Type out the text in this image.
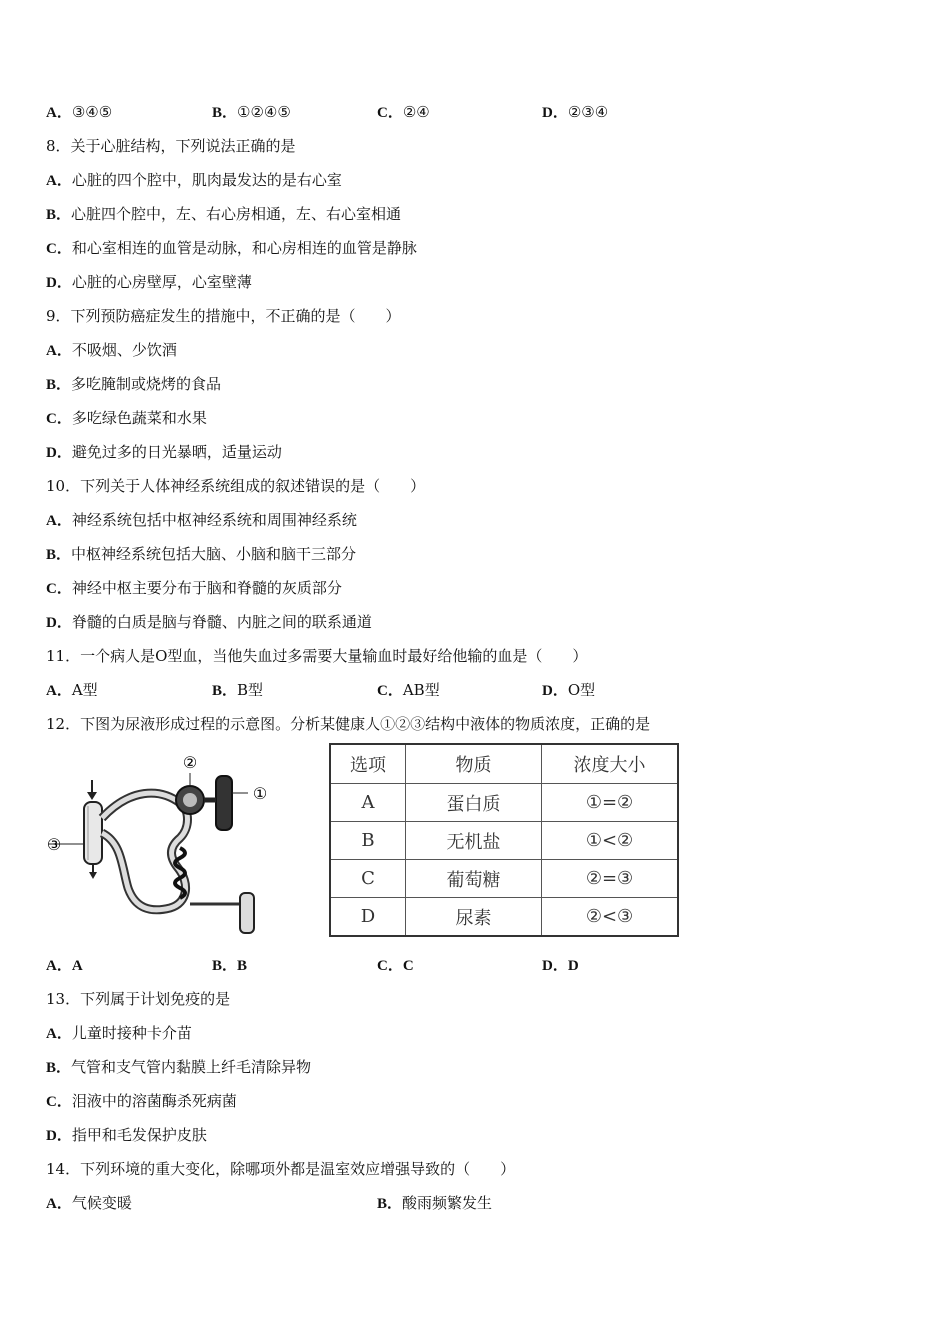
A．③④⑤	B．①②④⑤	C．②④	D．②③④
8．关于心脏结构，下列说法正确的是
A．心脏的四个腔中，肌肉最发达的是右心室
B．心脏四个腔中，左、右心房相通，左、右心室相通
C．和心室相连的血管是动脉，和心房相连的血管是静脉
D．心脏的心房壁厚，心室壁薄
9．下列预防癌症发生的措施中，不正确的是（　　）
A．不吸烟、少饮酒
B．多吃腌制或烧烤的食品
C．多吃绿色蔬菜和水果
D．避免过多的日光暴晒，适量运动
10．下列关于人体神经系统组成的叙述错误的是（　　）
A．神经系统包括中枢神经系统和周围神经系统
B．中枢神经系统包括大脑、小脑和脑干三部分
C．神经中枢主要分布于脑和脊髓的灰质部分
D．脊髓的白质是脑与脊髓、内脏之间的联系通道
11．一个病人是O型血，当他失血过多需要大量输血时最好给他输的血是（　　）
A．A型	B．B型	C．AB型	D．O型
12．下图为尿液形成过程的示意图。分析某健康人①②③结构中液体的物质浓度，正确的是
②
①
③
选项	物质	浓度大小
A	蛋白质	①=②
B	无机盐	①<②
C	葡萄糖	②=③
D	尿素	②<③
A．A	B．B	C．C	D．D
13．下列属于计划免疫的是
A．儿童时接种卡介苗
B．气管和支气管内黏膜上纤毛清除异物
C．泪液中的溶菌酶杀死病菌
D．指甲和毛发保护皮肤
14．下列环境的重大变化，除哪项外都是温室效应增强导致的（　　）
A．气候变暖	B．酸雨频繁发生
